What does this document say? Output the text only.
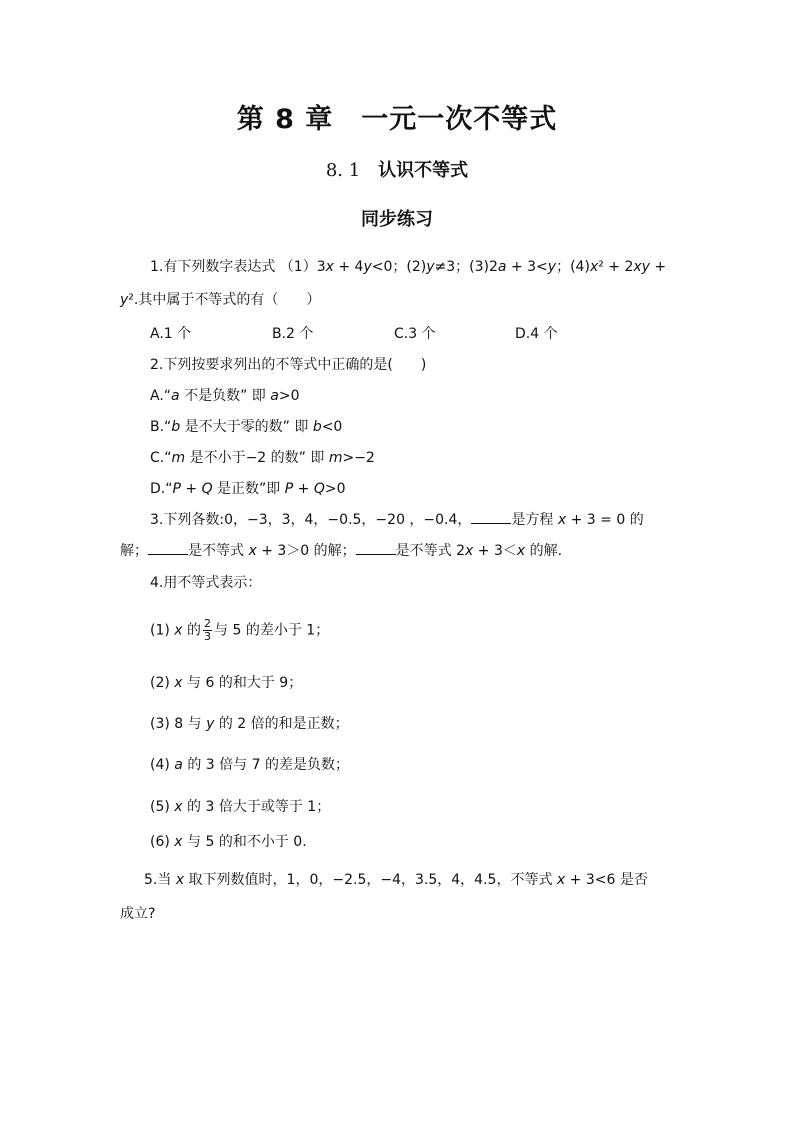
第 8 章　一元一次不等式
8. 1 认识不等式
同步练习
1.有下列数字表达式 （1）3x + 4y<0；(2)y≠3；(3)2a + 3<y；(4)x² + 2xy +
y².其中属于不等式的有（　　）
A.1 个	B.2 个	C.3 个	D.4 个
2.下列按要求列出的不等式中正确的是(　　)
A.“a 不是负数” 即 a>0
B.“b 是不大于零的数” 即 b<0
C.“m 是不小于−2 的数” 即 m>−2
D.“P + Q 是正数”即 P + Q>0
3.下列各数:0，−3，3，4，−0.5，−20 ，−0.4，	是方程 x + 3 = 0 的
解；	是不等式 x + 3＞0 的解；	是不等式 2x + 3＜x 的解.
4.用不等式表示：
(1) x 的 $\frac{2}{3}$ 与 5 的差小于 1；
(2) x 与 6 的和大于 9；
(3) 8 与 y 的 2 倍的和是正数；
(4) a 的 3 倍与 7 的差是负数；
(5) x 的 3 倍大于或等于 1；
(6) x 与 5 的和不小于 0.
5.当 x 取下列数值时，1，0，−2.5，−4，3.5，4，4.5，不等式 x + 3<6 是否
成立?
